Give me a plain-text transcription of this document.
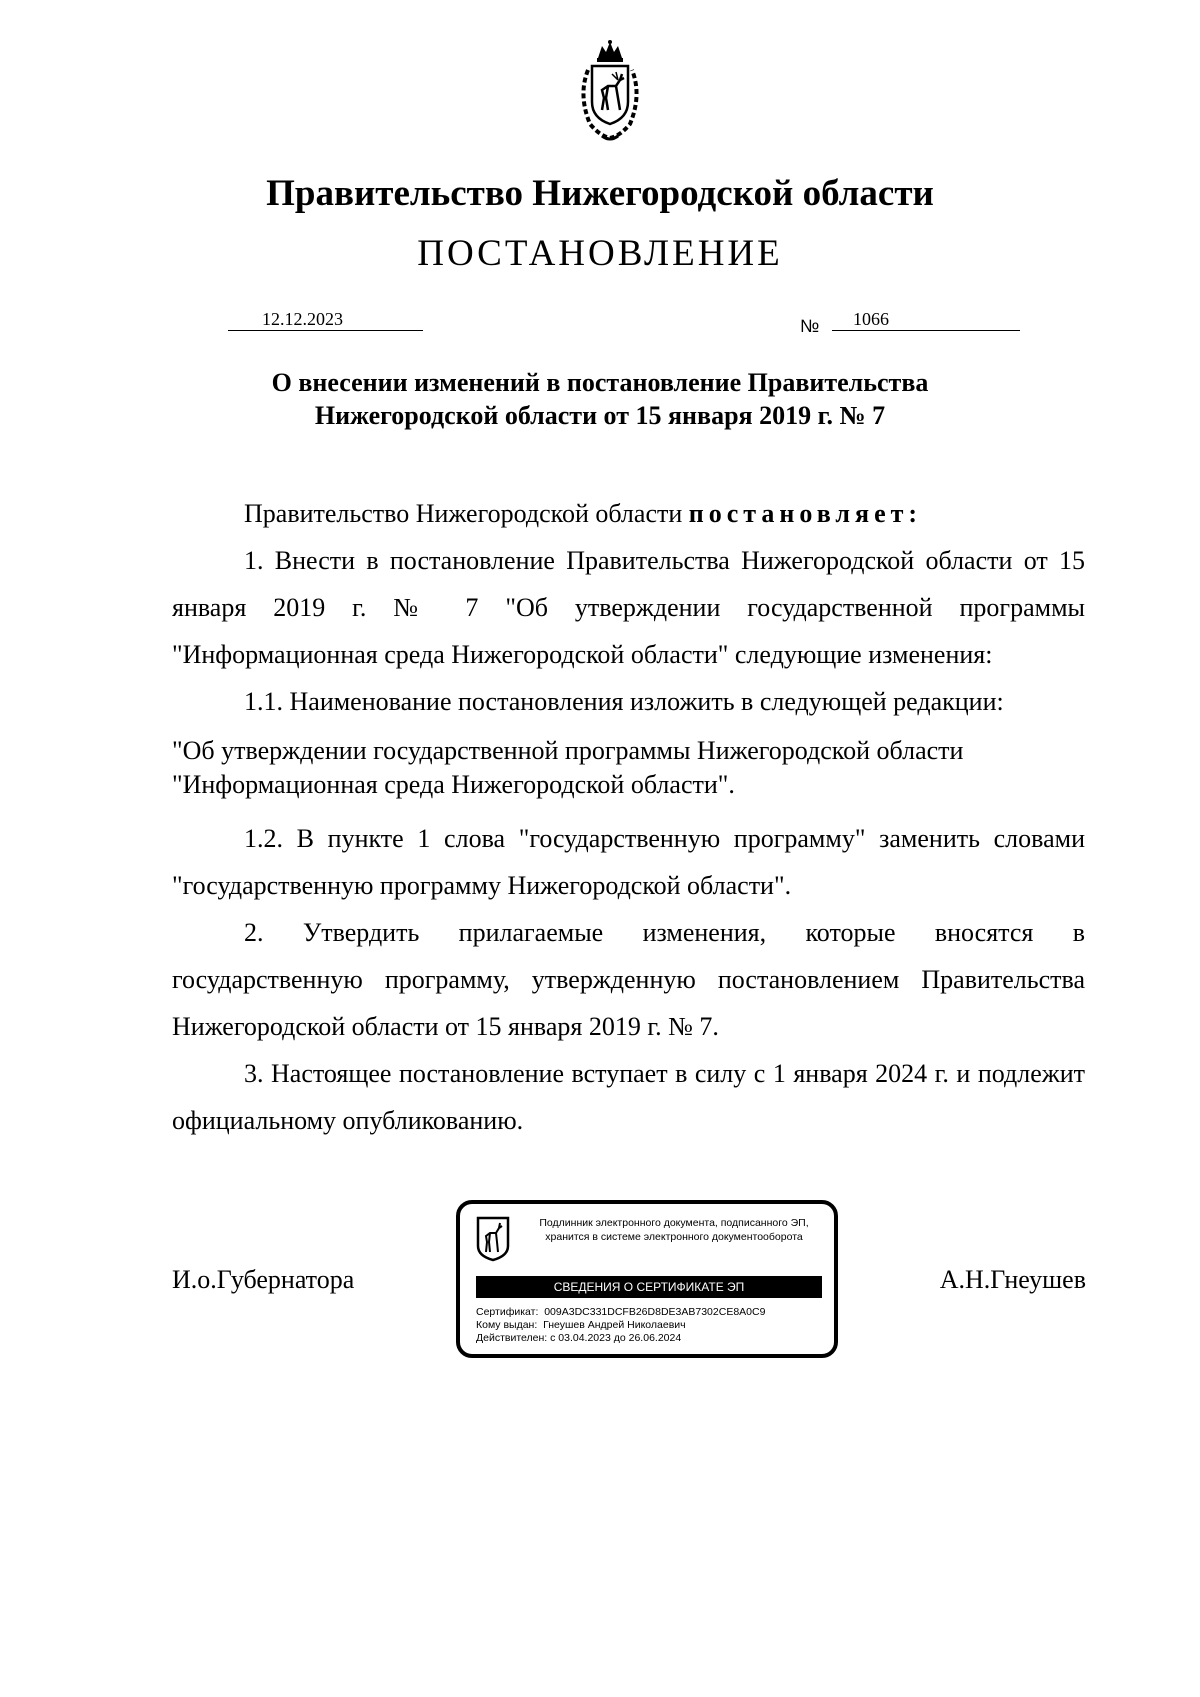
Правительство Нижегородской области
ПОСТАНОВЛЕНИЕ
12.12.2023	№ 1066
О внесении изменений в постановление Правительства
Нижегородской области от 15 января 2019 г. № 7

Правительство Нижегородской области постановляет:

1. Внести в постановление Правительства Нижегородской области от 15 января 2019 г. № 7 "Об утверждении государственной программы "Информационная среда Нижегородской области" следующие изменения:

1.1. Наименование постановления изложить в следующей редакции:

"Об утверждении государственной программы Нижегородской области
"Информационная среда Нижегородской области".

1.2. В пункте 1 слова "государственную программу" заменить словами "государственную программу Нижегородской области".

2. Утвердить прилагаемые изменения, которые вносятся в государственную программу, утвержденную постановлением Правительства Нижегородской области от 15 января 2019 г. № 7.

3. Настоящее постановление вступает в силу с 1 января 2024 г. и подлежит официальному опубликованию.

И.о.Губернатора	А.Н.Гнеушев
Подлинник электронного документа, подписанного ЭП,
хранится в системе электронного документооборота
СВЕДЕНИЯ О СЕРТИФИКАТЕ ЭП
Сертификат: 009A3DC331DCFB26D8DE3AB7302CE8A0C9
Кому выдан: Гнеушев Андрей Николаевич
Действителен: с 03.04.2023 до 26.06.2024
